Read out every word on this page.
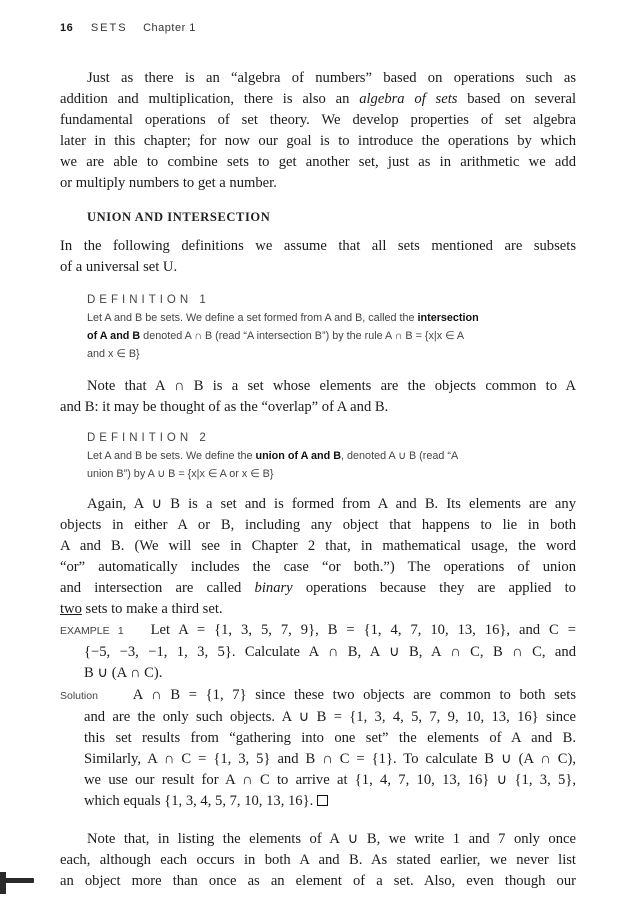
16 SETS Chapter 1
Just as there is an “algebra of numbers” based on operations such as
addition and multiplication, there is also an algebra of sets based on several
fundamental operations of set theory. We develop properties of set algebra
later in this chapter; for now our goal is to introduce the operations by which
we are able to combine sets to get another set, just as in arithmetic we add
or multiply numbers to get a number.
UNION AND INTERSECTION
In the following definitions we assume that all sets mentioned are subsets
of a universal set U.
DEFINITION 1
Let A and B be sets. We define a set formed from A and B, called the intersection
of A and B denoted A ∩ B (read “A intersection B”) by the rule A ∩ B = {x|x ∈ A
and x ∈ B}
Note that A ∩ B is a set whose elements are the objects common to A
and B: it may be thought of as the “overlap” of A and B.
DEFINITION 2
Let A and B be sets. We define the union of A and B, denoted A ∪ B (read “A
union B”) by A ∪ B = {x|x ∈ A or x ∈ B}
Again, A ∪ B is a set and is formed from A and B. Its elements are any
objects in either A or B, including any object that happens to lie in both
A and B. (We will see in Chapter 2 that, in mathematical usage, the word
“or” automatically includes the case “or both.”) The operations of union
and intersection are called binary operations because they are applied to
two sets to make a third set.
EXAMPLE 1 Let A = {1, 3, 5, 7, 9}, B = {1, 4, 7, 10, 13, 16}, and C =
{−5, −3, −1, 1, 3, 5}. Calculate A ∩ B, A ∪ B, A ∩ C, B ∩ C, and
B ∪ (A ∩ C).
Solution A ∩ B = {1, 7} since these two objects are common to both sets
and are the only such objects. A ∪ B = {1, 3, 4, 5, 7, 9, 10, 13, 16} since
this set results from “gathering into one set” the elements of A and B.
Similarly, A ∩ C = {1, 3, 5} and B ∩ C = {1}. To calculate B ∪ (A ∩ C),
we use our result for A ∩ C to arrive at {1, 4, 7, 10, 13, 16} ∪ {1, 3, 5},
which equals {1, 3, 4, 5, 7, 10, 13, 16}.
Note that, in listing the elements of A ∪ B, we write 1 and 7 only once
each, although each occurs in both A and B. As stated earlier, we never list
an object more than once as an element of a set. Also, even though our
